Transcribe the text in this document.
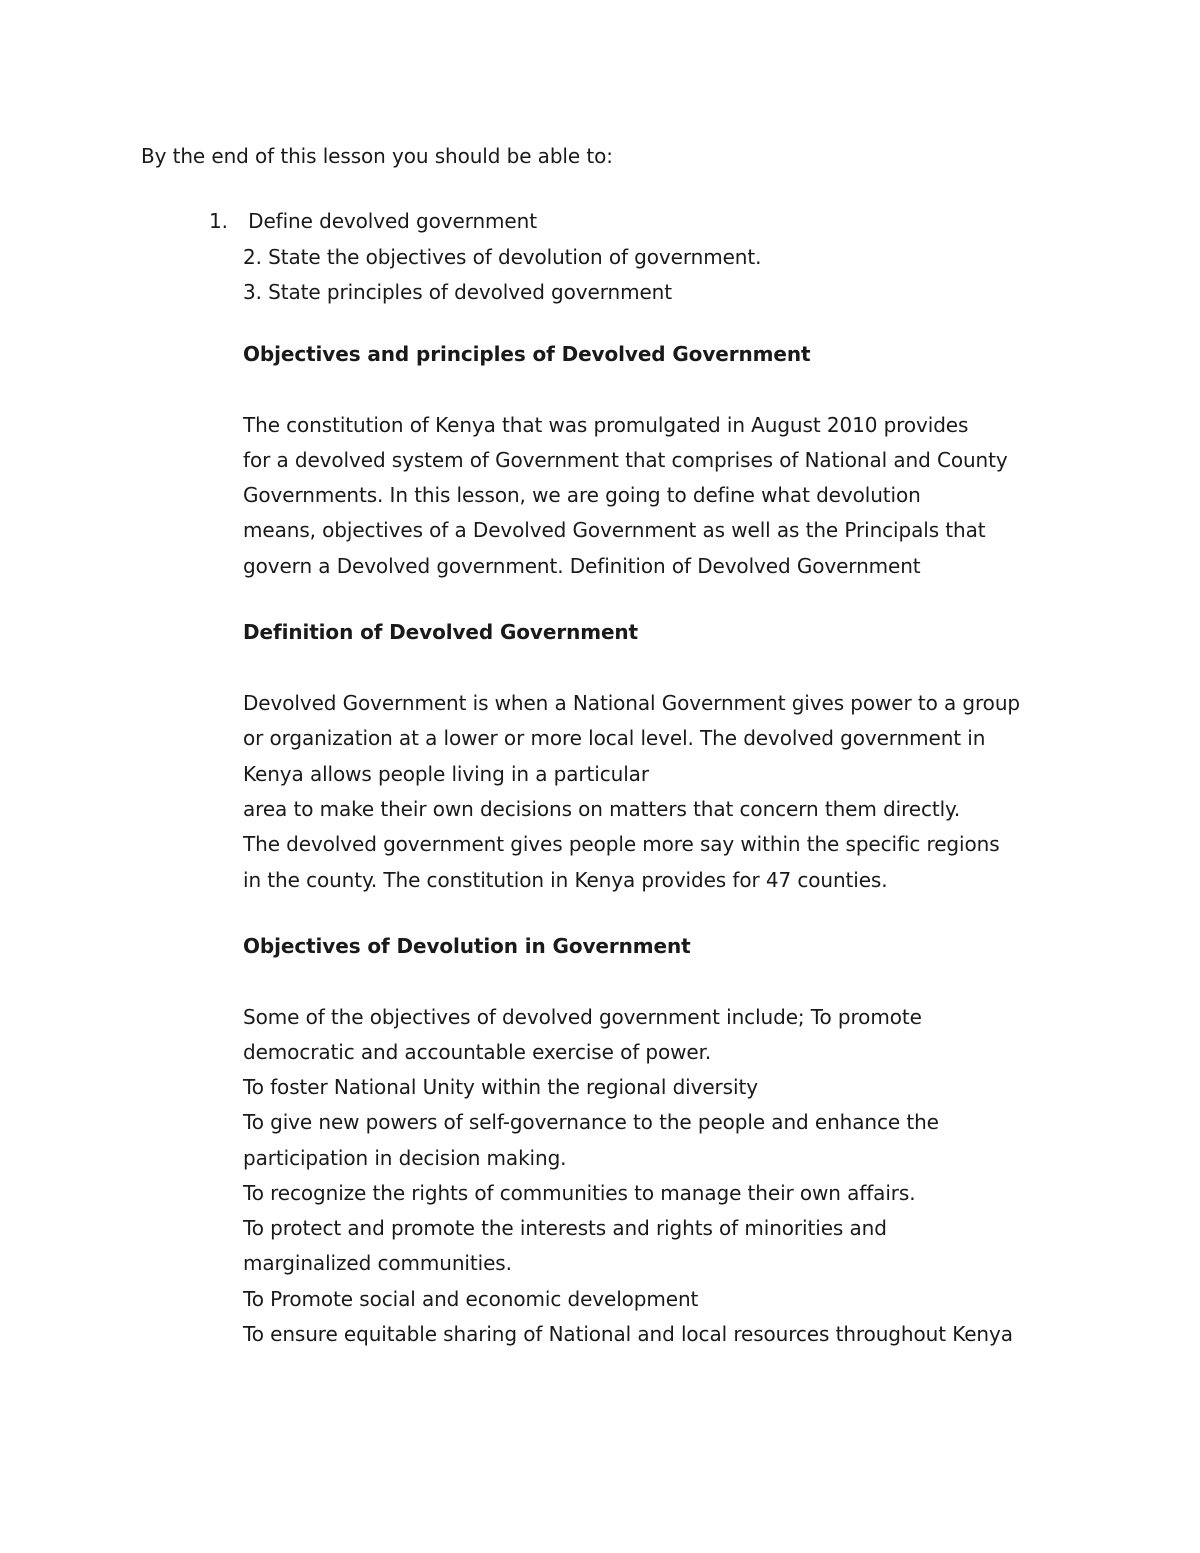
By the end of this lesson you should be able to:
1. Define devolved government
2. State the objectives of devolution of government.
3. State principles of devolved government
Objectives and principles of Devolved Government
The constitution of Kenya that was promulgated in August 2010 provides
for a devolved system of Government that comprises of National and County
Governments. In this lesson, we are going to define what devolution
means, objectives of a Devolved Government as well as the Principals that
govern a Devolved government. Definition of Devolved Government
Definition of Devolved Government
Devolved Government is when a National Government gives power to a group
or organization at a lower or more local level. The devolved government in
Kenya allows people living in a particular
area to make their own decisions on matters that concern them directly.
The devolved government gives people more say within the specific regions
in the county. The constitution in Kenya provides for 47 counties.
Objectives of Devolution in Government
Some of the objectives of devolved government include; To promote
democratic and accountable exercise of power.
To foster National Unity within the regional diversity
To give new powers of self-governance to the people and enhance the
participation in decision making.
To recognize the rights of communities to manage their own affairs.
To protect and promote the interests and rights of minorities and
marginalized communities.
To Promote social and economic development
To ensure equitable sharing of National and local resources throughout Kenya
